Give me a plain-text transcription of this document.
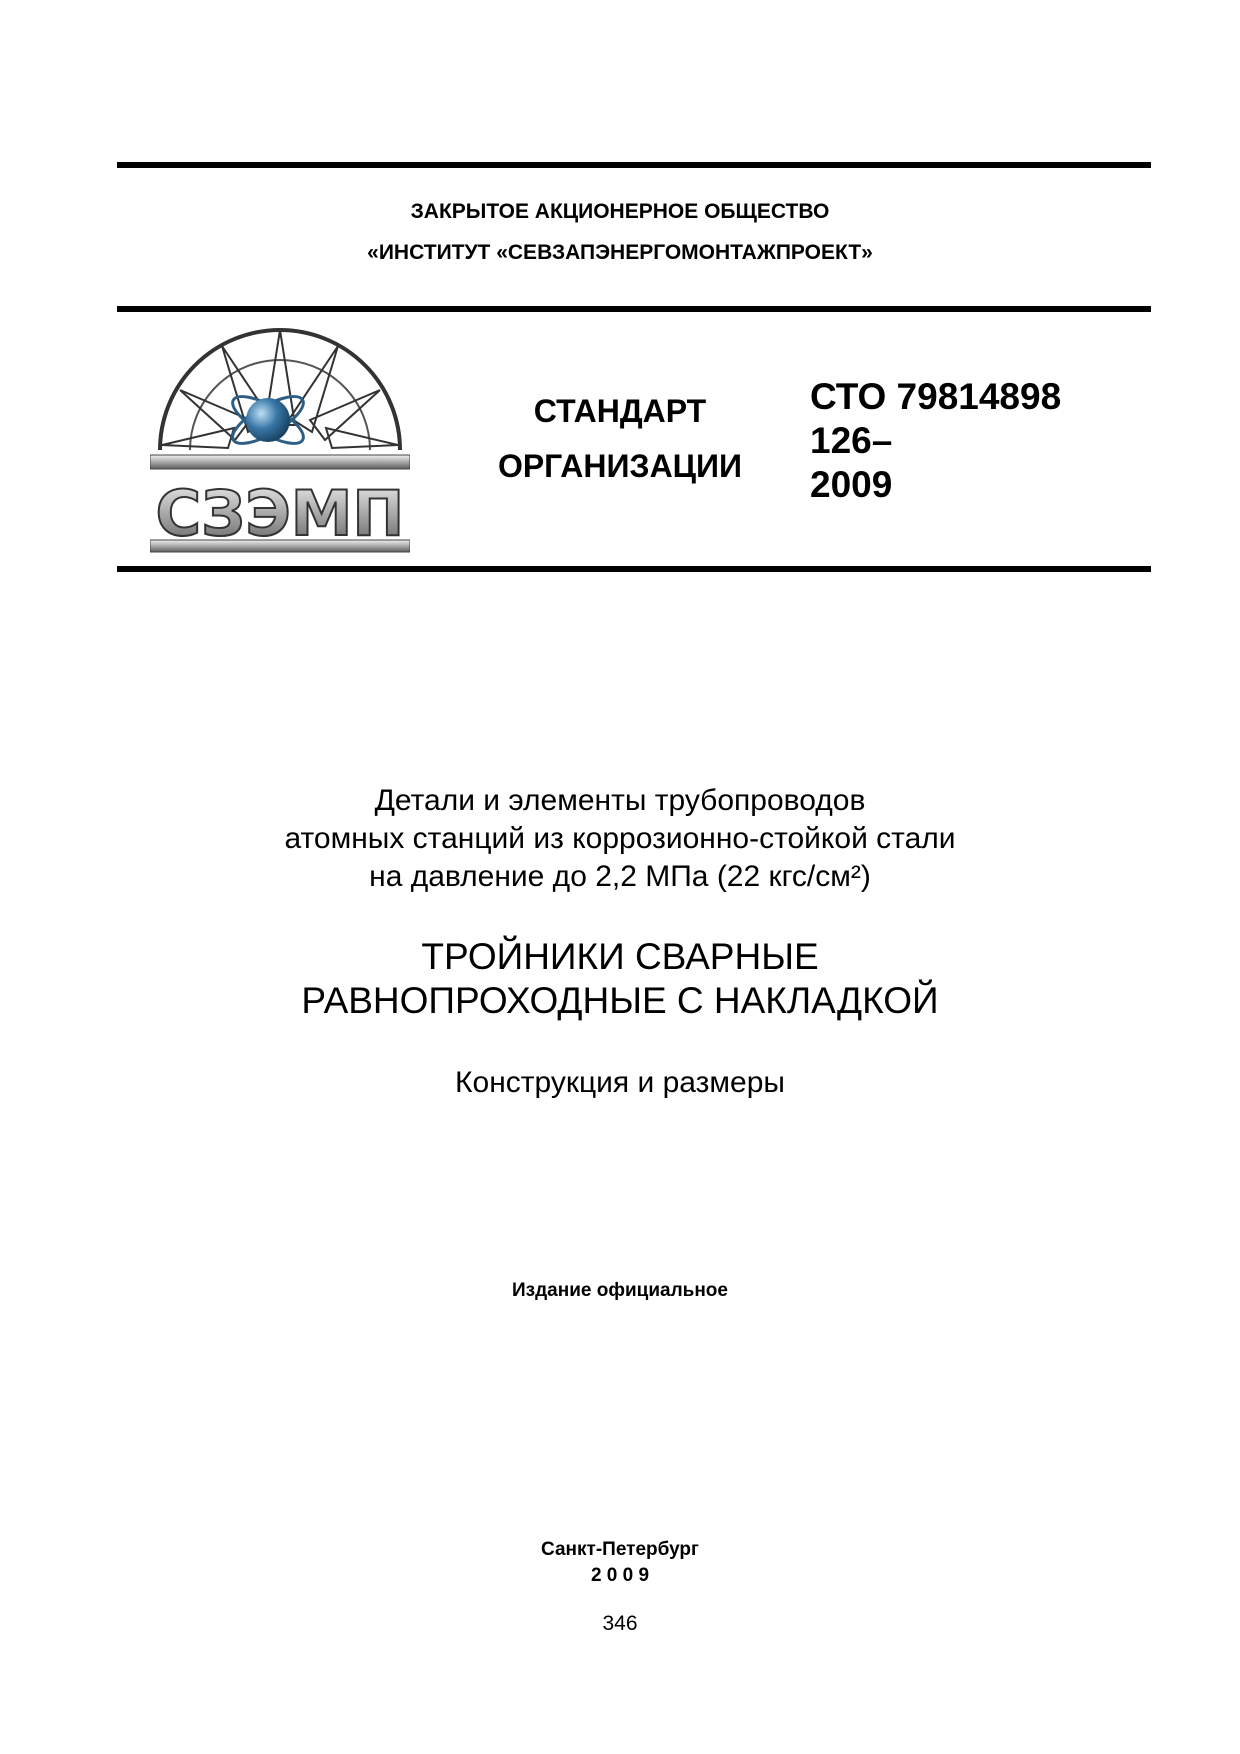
ЗАКРЫТОЕ АКЦИОНЕРНОЕ ОБЩЕСТВО
«ИНСТИТУТ «СЕВЗАПЭНЕРГОМОНТАЖПРОЕКТ»
СЗЭМП
СТАНДАРТ
ОРГАНИЗАЦИИ
СТО 79814898
126–
2009
Детали и элементы трубопроводов
атомных станций из коррозионно-стойкой стали
на давление до 2,2 МПа (22 кгс/см²)
ТРОЙНИКИ СВАРНЫЕ
РАВНОПРОХОДНЫЕ С НАКЛАДКОЙ
Конструкция и размеры
Издание официальное
Санкт-Петербург
2 0 0 9
346
